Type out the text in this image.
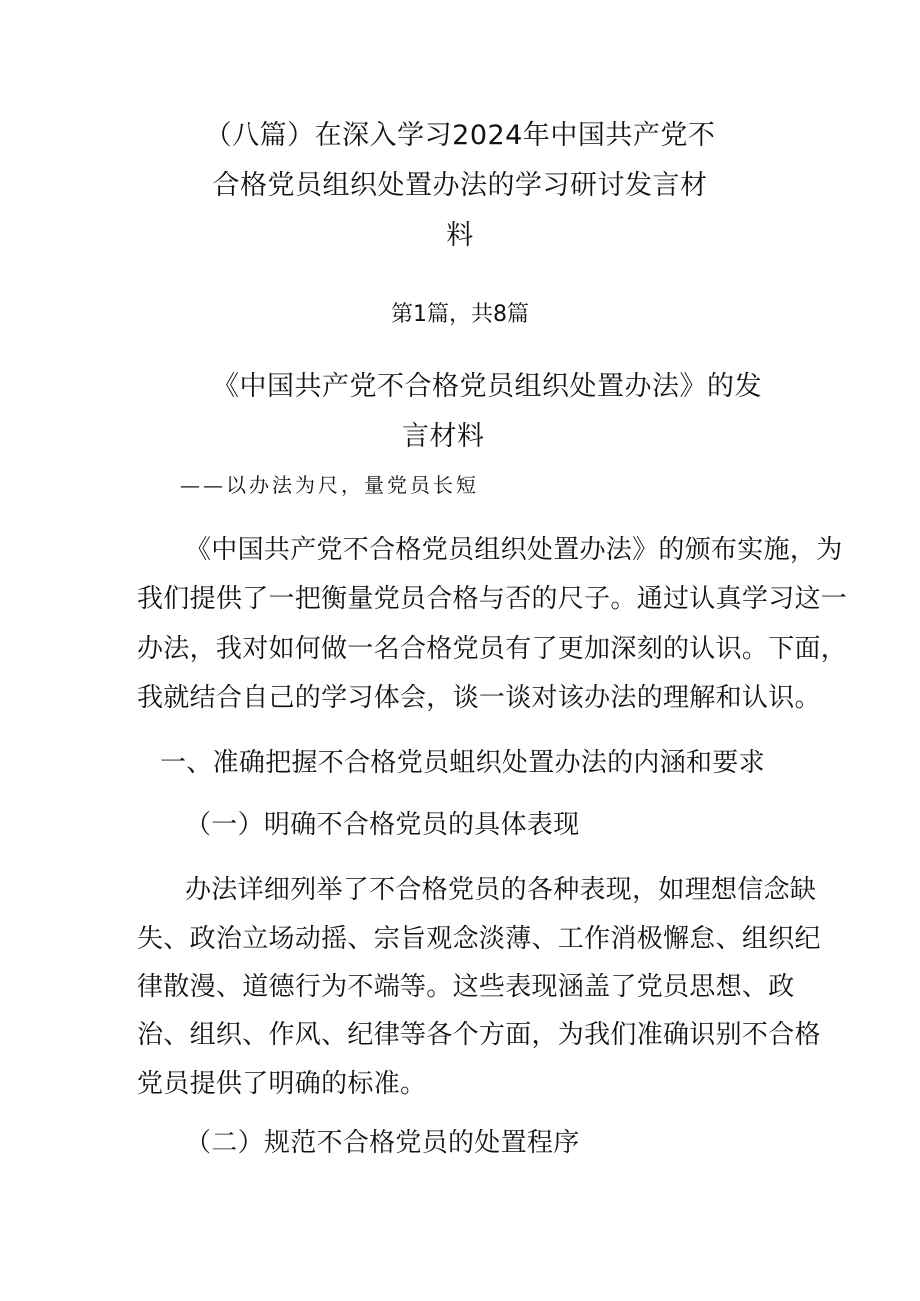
（八篇）在深入学习2024年中国共产党不

合格党员组织处置办法的学习研讨发言材

料

第1篇，共8篇

《中国共产党不合格党员组织处置办法》的发

言材料

——以办法为尺，量党员长短

《中国共产党不合格党员组织处置办法》的颁布实施，为

我们提供了一把衡量党员合格与否的尺子。通过认真学习这一

办法，我对如何做一名合格党员有了更加深刻的认识。下面，

我就结合自己的学习体会，谈一谈对该办法的理解和认识。

一、准确把握不合格党员蛆织处置办法的内涵和要求

（一）明确不合格党员的具体表现

办法详细列举了不合格党员的各种表现，如理想信念缺

失、政治立场动摇、宗旨观念淡薄、工作消极懈怠、组织纪

律散漫、道德行为不端等。这些表现涵盖了党员思想、政

治、组织、作风、纪律等各个方面，为我们准确识别不合格

党员提供了明确的标准。

（二）规范不合格党员的处置程序
